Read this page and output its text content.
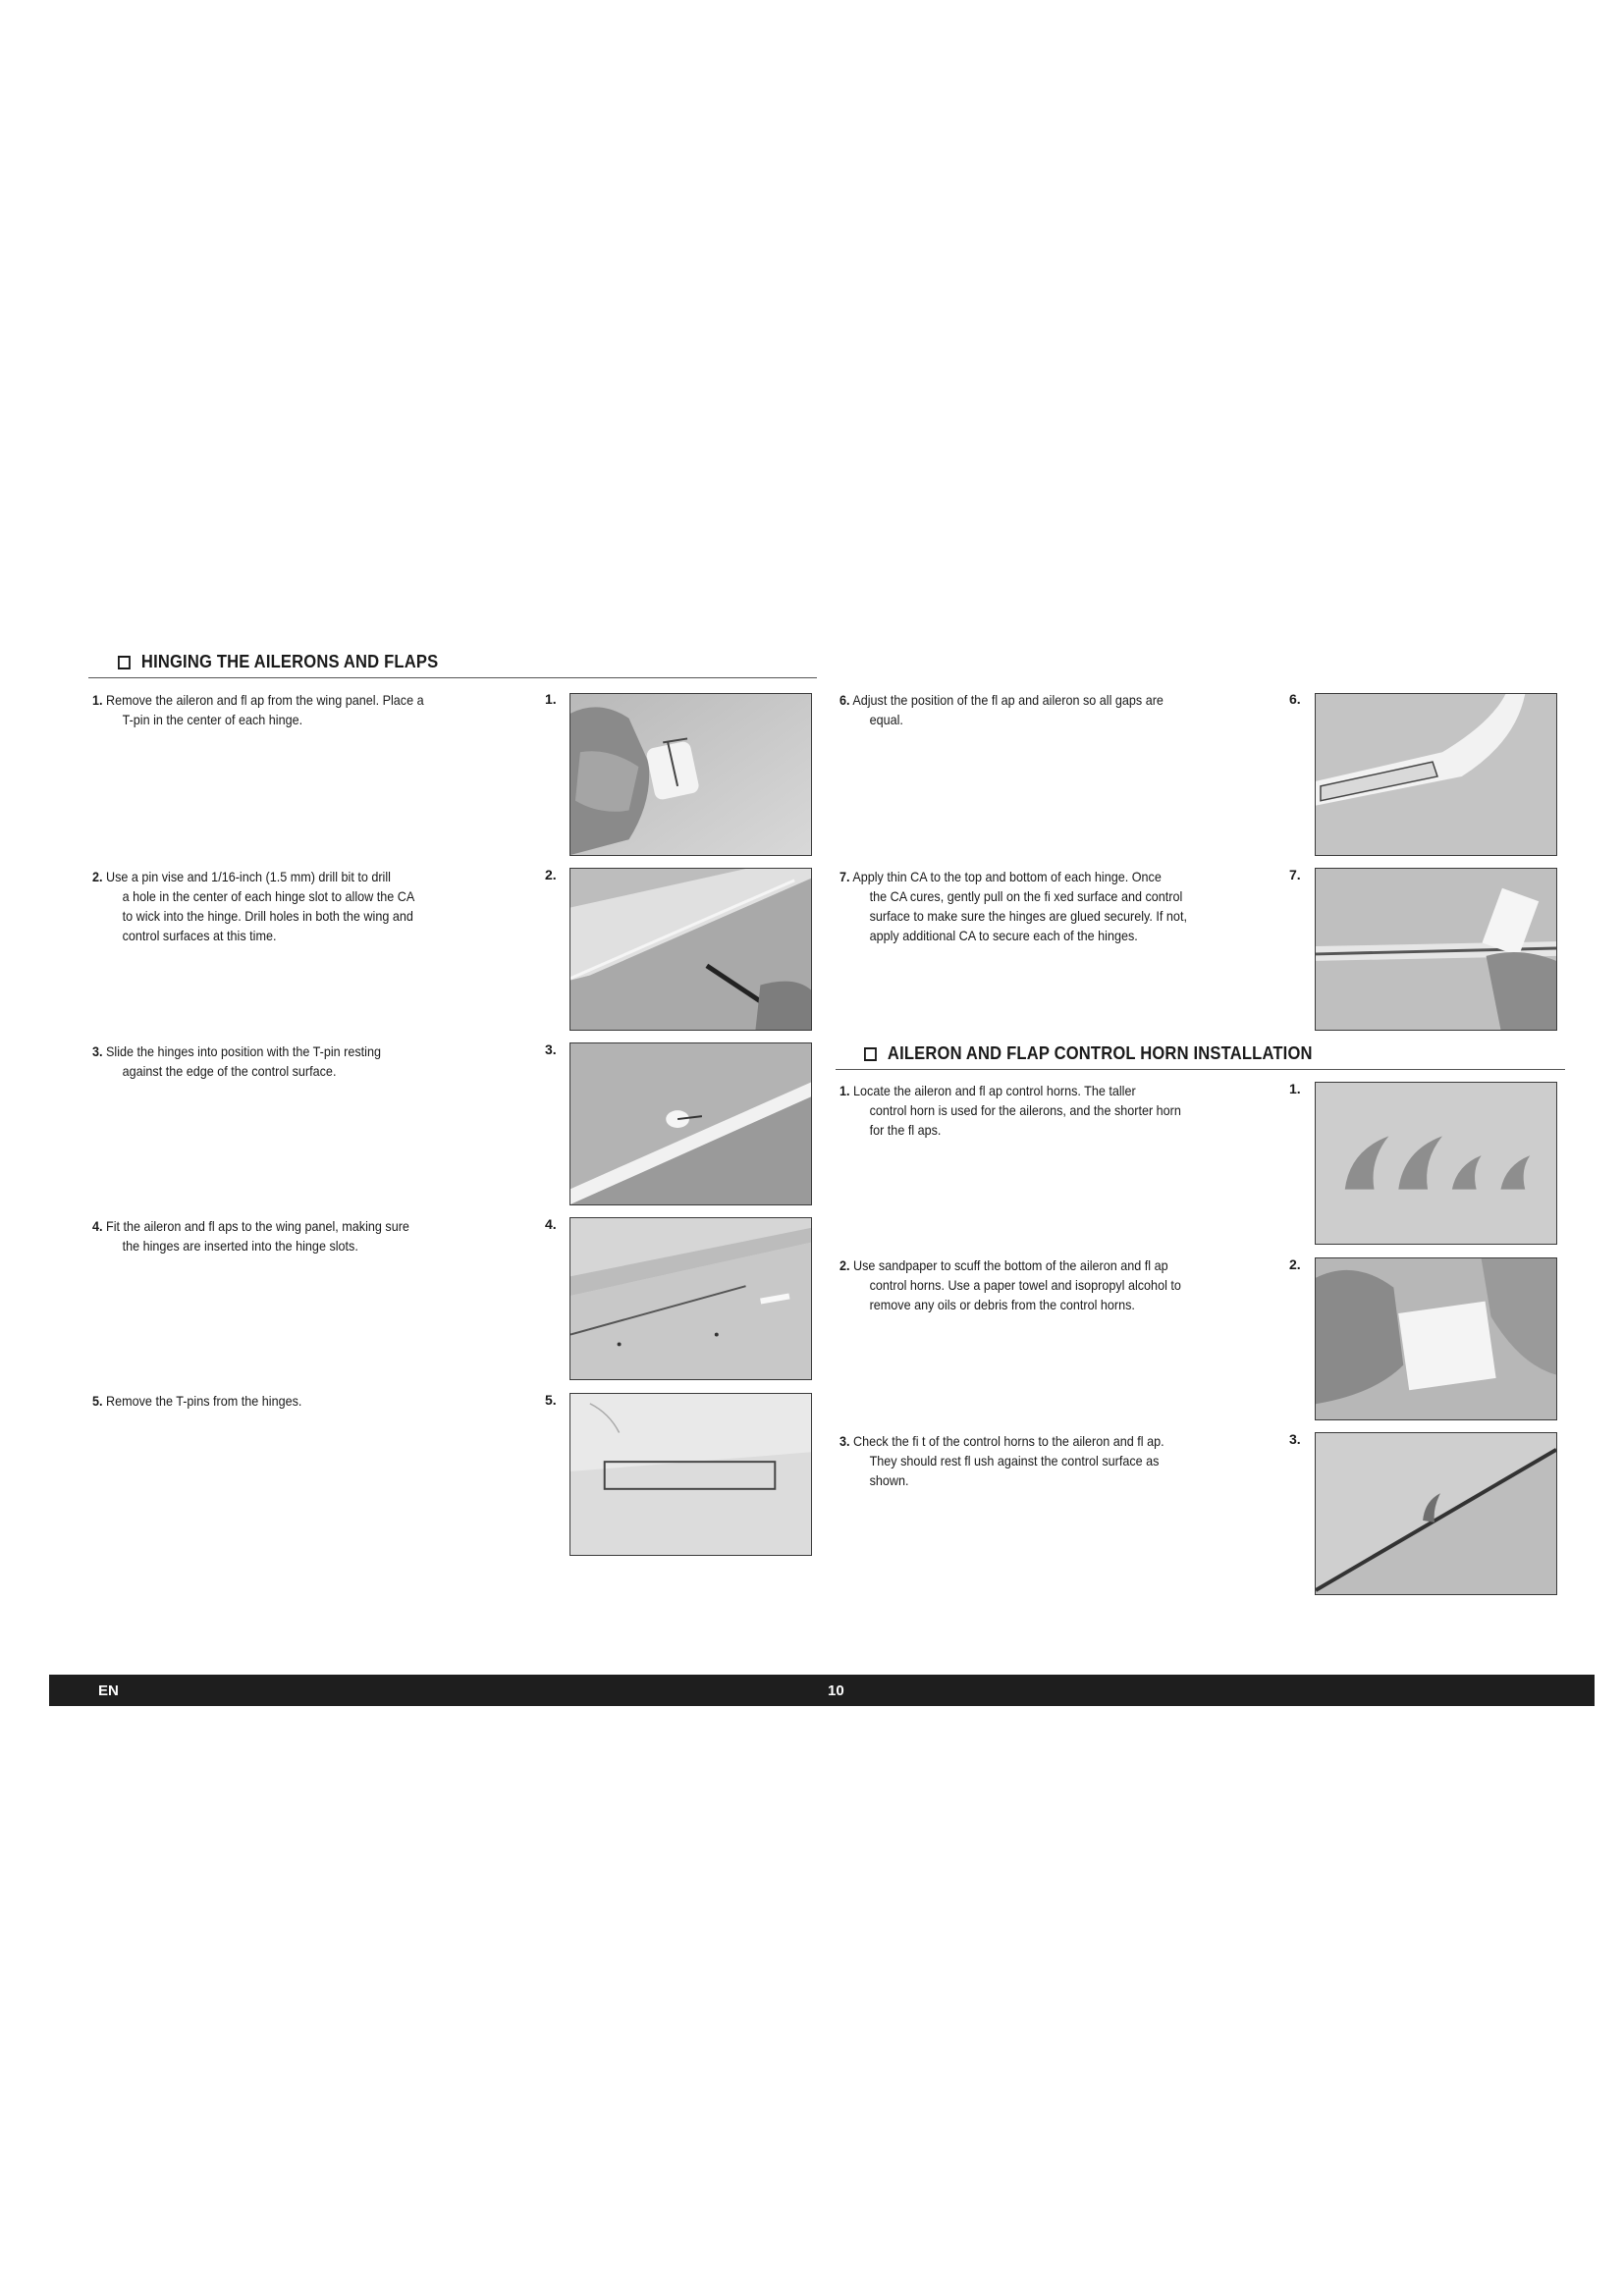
HINGING THE AILERONS AND FLAPS
1. Remove the aileron and fl ap from the wing panel. Place a
T-pin in the center of each hinge.
1.
2. Use a pin vise and 1/16-inch (1.5 mm) drill bit to drill
a hole in the center of each hinge slot to allow the CA
to wick into the hinge. Drill holes in both the wing and
control surfaces at this time.
2.
3. Slide the hinges into position with the T-pin resting
against the edge of the control surface.
3.
4. Fit the aileron and fl aps to the wing panel, making sure
the hinges are inserted into the hinge slots.
4.
5. Remove the T-pins from the hinges.	5.
6. Adjust the position of the fl ap and aileron so all gaps are
equal.
6.
7. Apply thin CA to the top and bottom of each hinge. Once
the CA cures, gently pull on the fi xed surface and control
surface to make sure the hinges are glued securely. If not,
apply additional CA to secure each of the hinges.
7.
AILERON AND FLAP CONTROL HORN INSTALLATION
1. Locate the aileron and fl ap control horns. The taller
control horn is used for the ailerons, and the shorter horn
for the fl aps.
1.
2. Use sandpaper to scuff the bottom of the aileron and fl ap
control horns. Use a paper towel and isopropyl alcohol to
remove any oils or debris from the control horns.
2.
3. Check the fi t of the control horns to the aileron and fl ap.
They should rest fl ush against the control surface as
shown.
3.
EN	10
